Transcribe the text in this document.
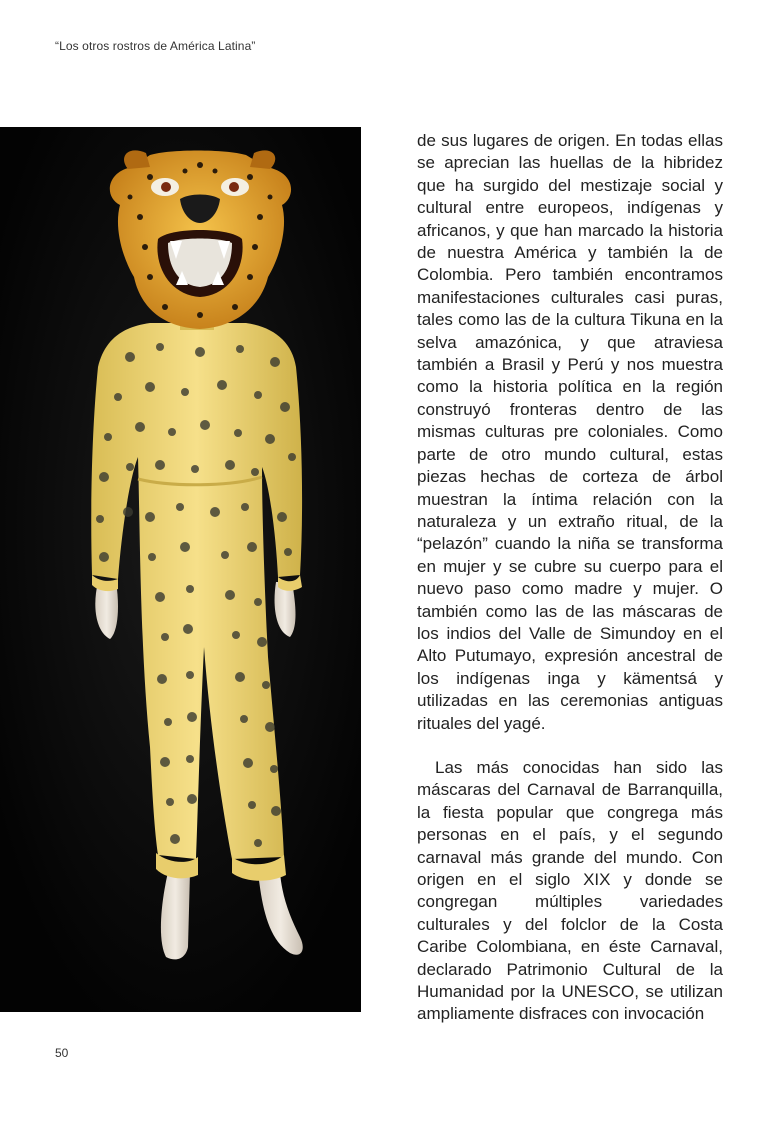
“Los otros rostros de América Latina”
Máscara y vestido de Tigre
Rio de Oro

de sus lugares de origen. En todas ellas se aprecian las huellas de la hibridez que ha surgido del mestizaje social y cultural entre europeos, indígenas y africanos, y que han marcado la historia de nuestra América y también la de Colombia. Pero también encontramos manifestaciones culturales casi puras, tales como las de la cultura Tikuna en la selva amazónica, y que atraviesa también a Brasil y Perú y nos muestra como la historia política en la región construyó fronteras dentro de las mismas culturas pre coloniales. Como parte de otro mundo cultural, estas piezas hechas de corteza de árbol muestran la íntima relación con la naturaleza y un extraño ritual, de la “pelazón” cuando la niña se transforma en mujer y se cubre su cuerpo para el nuevo paso como madre y mujer. O también como las de las máscaras de los indios del Valle de Simundoy en el Alto Putumayo, expresión ancestral de los indígenas inga y kämentsá y utilizadas en las ceremonias antiguas rituales del yagé.

Las más conocidas han sido las máscaras del Carnaval de Barranquilla, la fiesta popular que congrega más personas en el país, y el segundo carnaval más grande del mundo. Con origen en el siglo XIX y donde se congregan múltiples variedades culturales y del folclor de la Costa Caribe Colombiana, en éste Carnaval, declarado Patrimonio Cultural de la Humanidad por la UNESCO, se utilizan ampliamente disfraces con invocación

50
